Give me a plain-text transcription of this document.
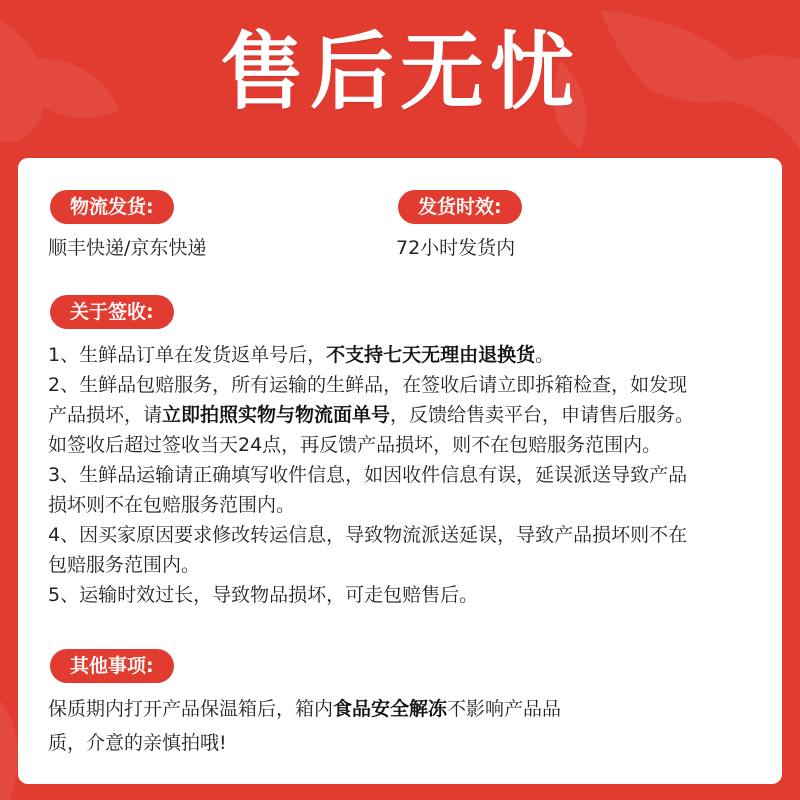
售后无忧
物流发货:
顺丰快递/京东快递
发货时效:
72小时发货内
关于签收:
1、生鲜品订单在发货返单号后，不支持七天无理由退换货。
2、生鲜品包赔服务，所有运输的生鲜品，在签收后请立即拆箱检查，如发现
产品损坏，请立即拍照实物与物流面单号，反馈给售卖平台，申请售后服务。
如签收后超过签收当天24点，再反馈产品损坏，则不在包赔服务范围内。
3、生鲜品运输请正确填写收件信息，如因收件信息有误，延误派送导致产品
损坏则不在包赔服务范围内。
4、因买家原因要求修改转运信息，导致物流派送延误，导致产品损坏则不在
包赔服务范围内。
5、运输时效过长，导致物品损坏，可走包赔售后。
其他事项:
保质期内打开产品保温箱后，箱内食品安全解冻不影响产品品
质，介意的亲慎拍哦!
